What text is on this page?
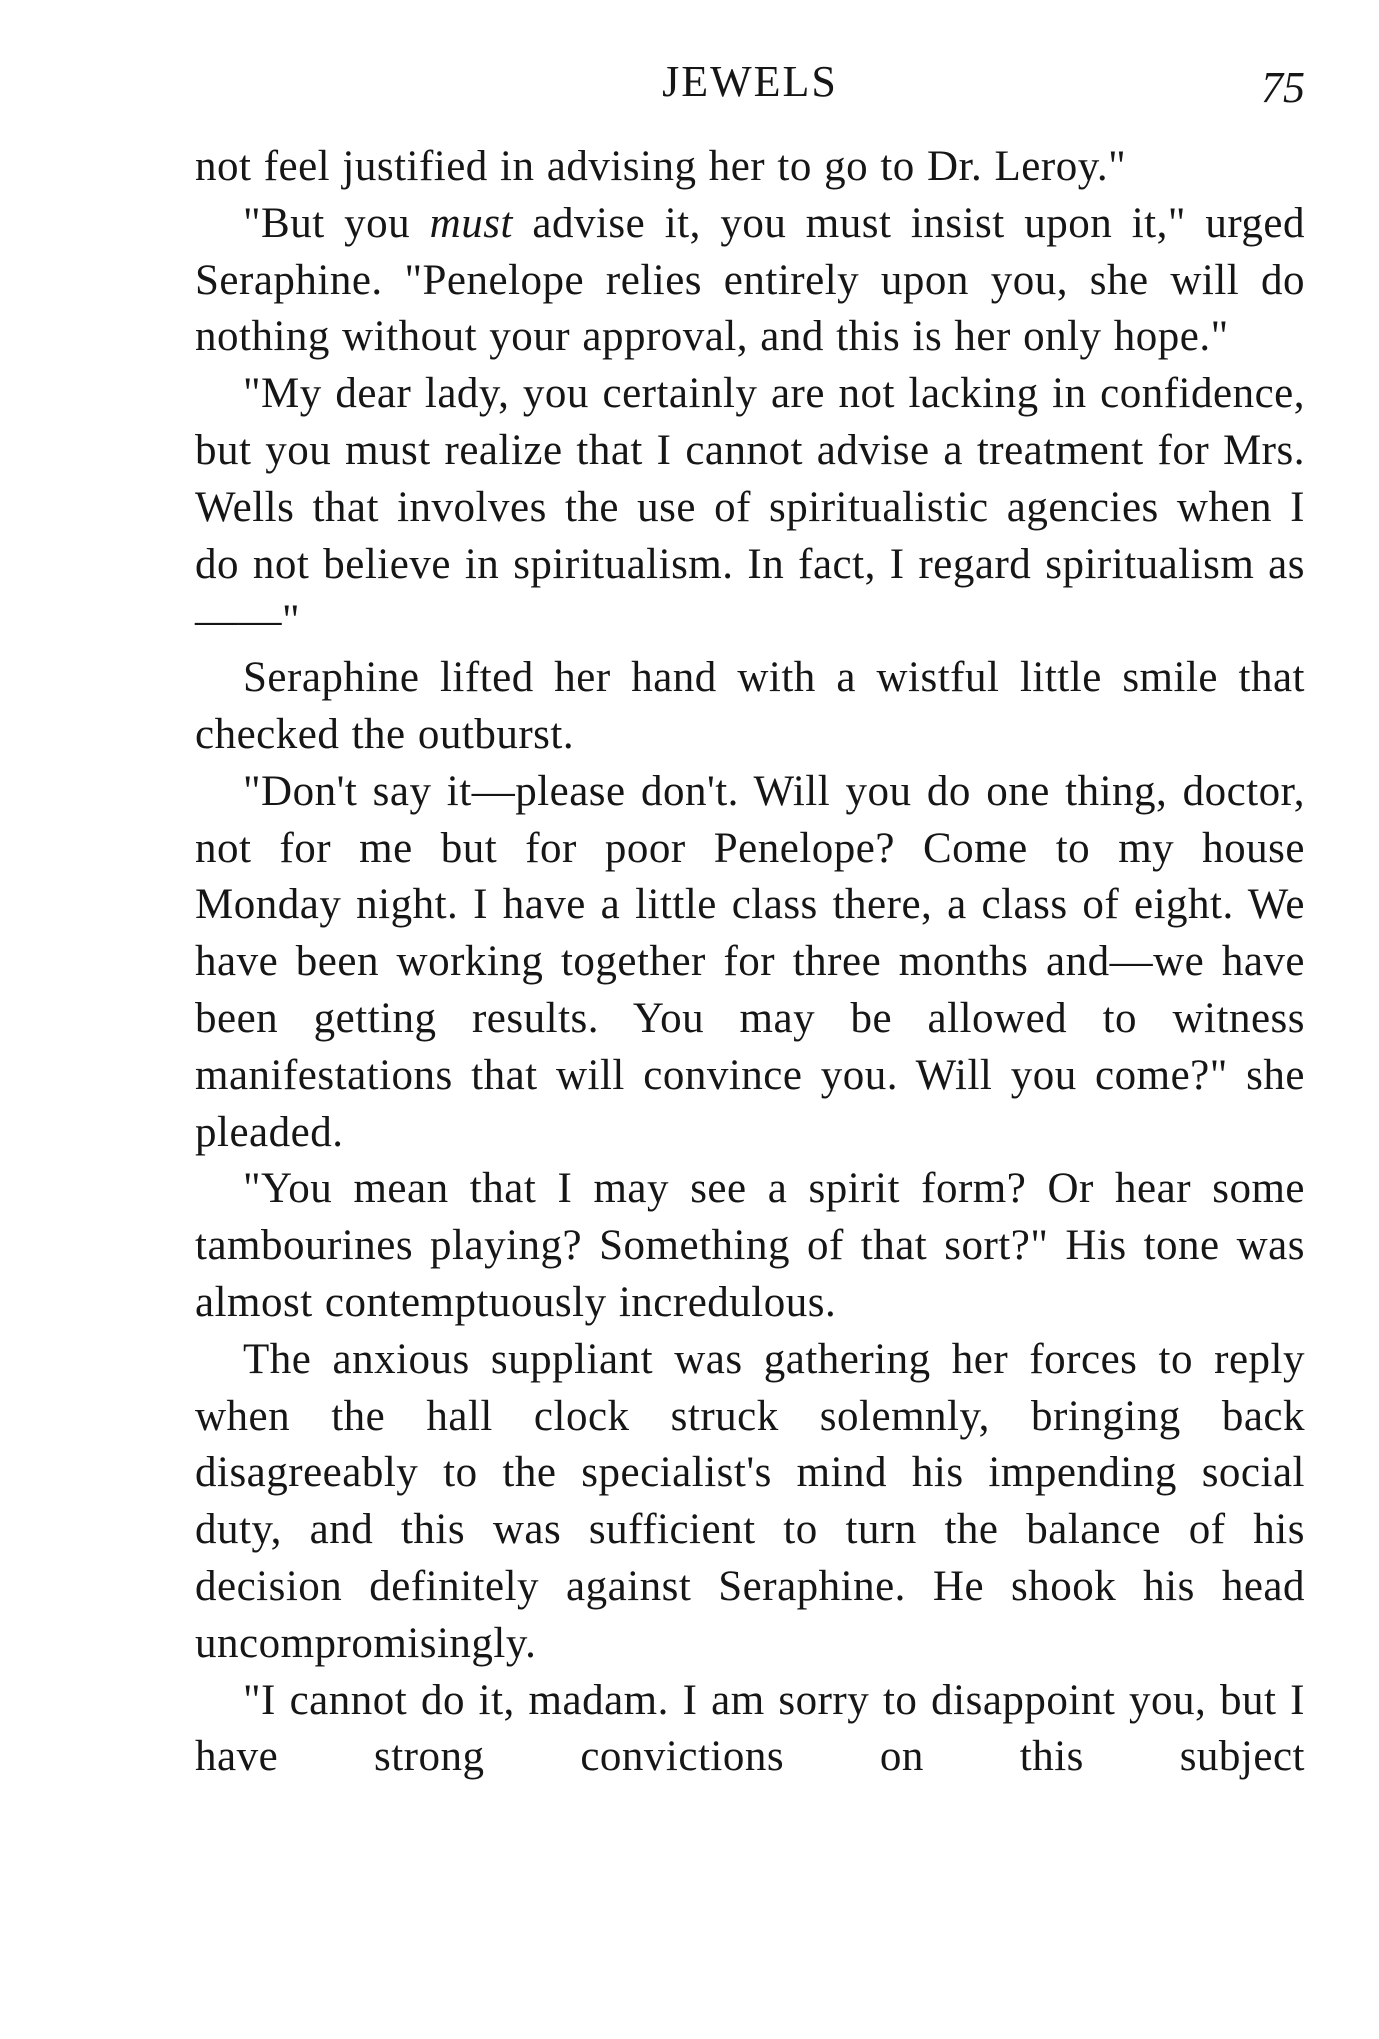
JEWELS	75

not feel justified in advising her to go to Dr. Leroy."

"But you must advise it, you must insist upon it," urged Seraphine. "Penelope relies entirely upon you, she will do nothing without your approval, and this is her only hope."

"My dear lady, you certainly are not lacking in confidence, but you must realize that I cannot advise a treatment for Mrs. Wells that involves the use of spiritualistic agencies when I do not believe in spiritualism. In fact, I regard spiritualism as——"

Seraphine lifted her hand with a wistful little smile that checked the outburst.

"Don't say it—please don't. Will you do one thing, doctor, not for me but for poor Penelope? Come to my house Monday night. I have a little class there, a class of eight. We have been working together for three months and—we have been getting results. You may be allowed to witness manifestations that will convince you. Will you come?" she pleaded.

"You mean that I may see a spirit form? Or hear some tambourines playing? Something of that sort?" His tone was almost contemptuously incredulous.

The anxious suppliant was gathering her forces to reply when the hall clock struck solemnly, bringing back disagreeably to the specialist's mind his impending social duty, and this was sufficient to turn the balance of his decision definitely against Seraphine. He shook his head uncompromisingly.

"I cannot do it, madam. I am sorry to disappoint you, but I have strong convictions on this subject
